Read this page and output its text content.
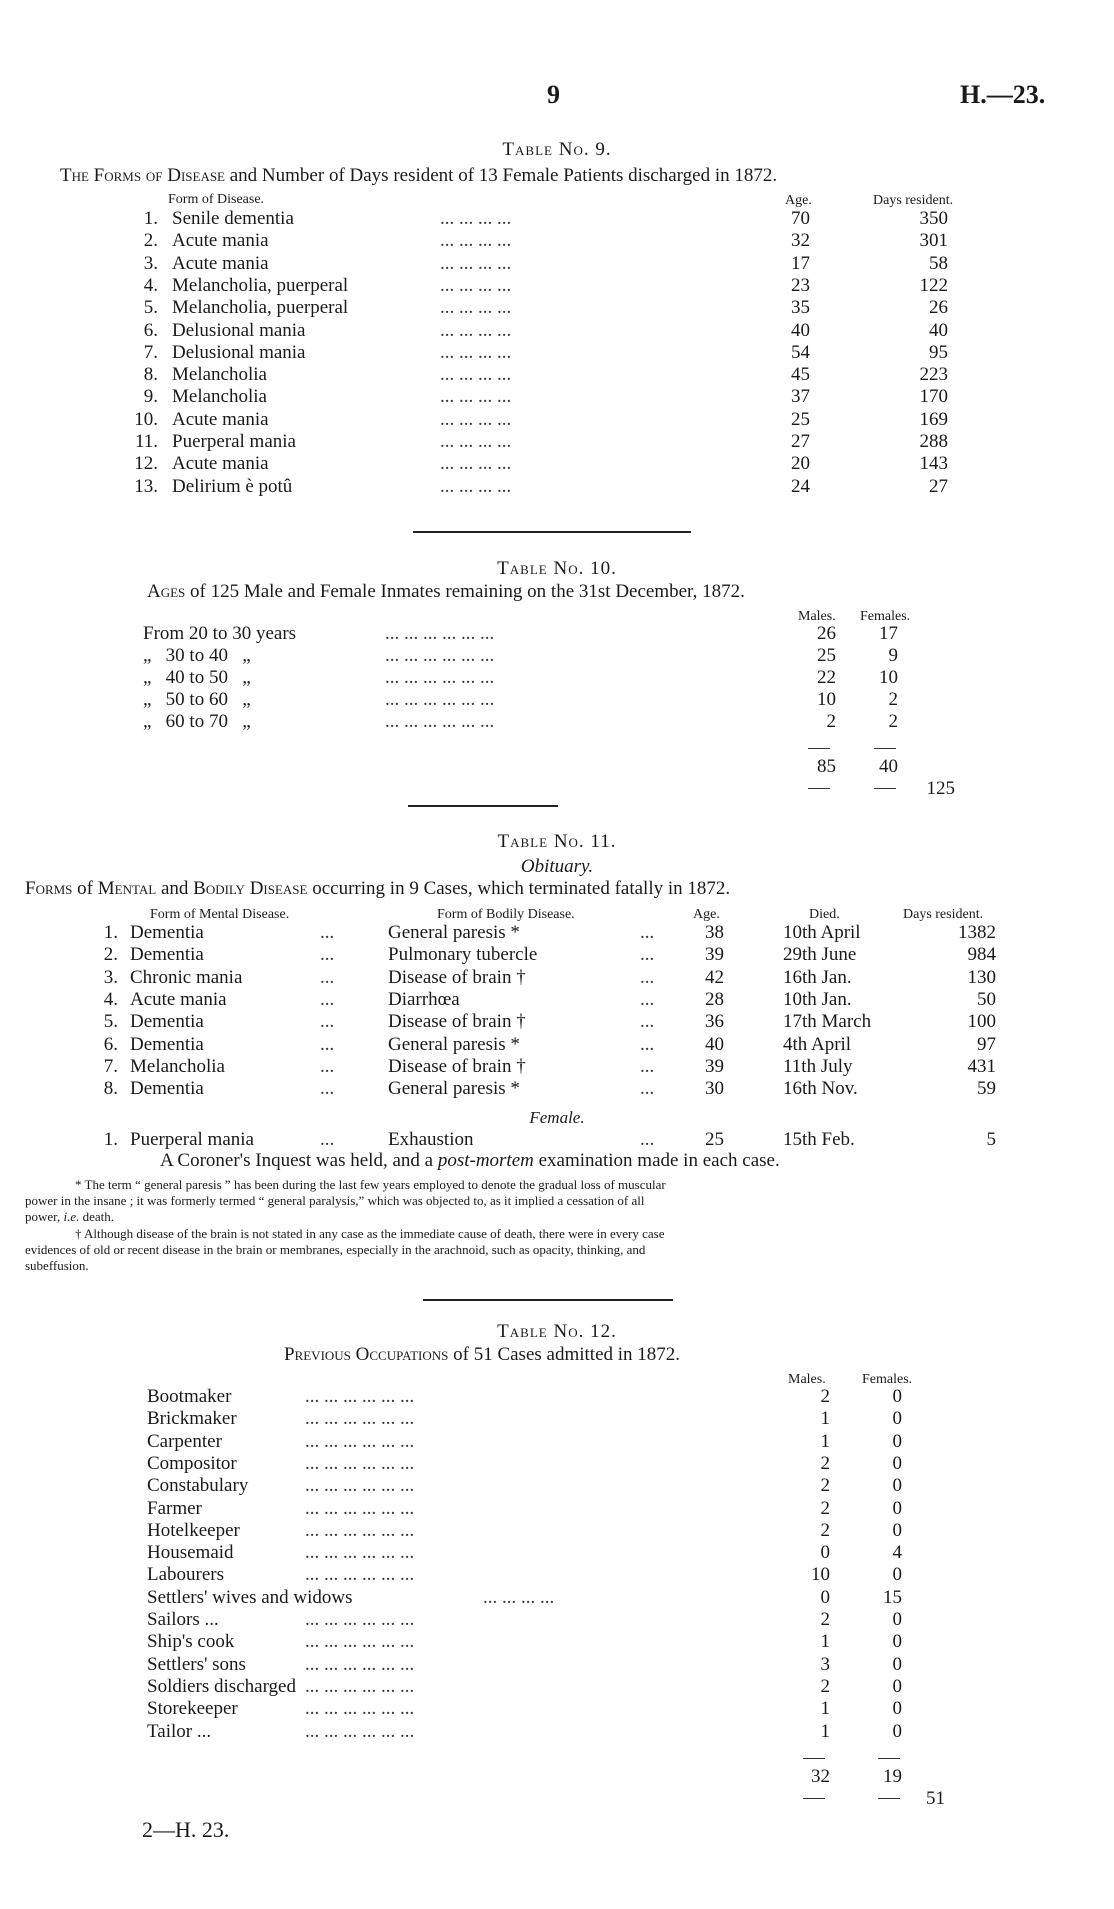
9	H.—23.
Table No. 9.
The Forms of Disease and Number of Days resident of 13 Female Patients discharged in 1872.
Form of Disease.	Age.	Days resident.
1. Senile dementia	... ... ... ...	70	350
2. Acute mania	... ... ... ...	32	301
3. Acute mania	... ... ... ...	17	58
4. Melancholia, puerperal	... ... ... ...	23	122
5. Melancholia, puerperal	... ... ... ...	35	26
6. Delusional mania	... ... ... ...	40	40
7. Delusional mania	... ... ... ...	54	95
8. Melancholia	... ... ... ...	45	223
9. Melancholia	... ... ... ...	37	170
10. Acute mania	... ... ... ...	25	169
11. Puerperal mania	... ... ... ...	27	288
12. Acute mania	... ... ... ...	20	143
13. Delirium è potû	... ... ... ...	24	27
Table No. 10.
Ages of 125 Male and Female Inmates remaining on the 31st December, 1872.
Males. Females.
From 20 to 30 years	... ... ... ... ... ...	26	17
„   30 to 40   „	... ... ... ... ... ...	25	9
„   40 to 50   „	... ... ... ... ... ...	22	10
„   50 to 60   „	... ... ... ... ... ...	10	2
„   60 to 70   „	... ... ... ... ... ...	2	2
85	40
125
Table No. 11.
Obituary.
Forms of Mental and Bodily Disease occurring in 9 Cases, which terminated fatally in 1872.
Form of Mental Disease.	Form of Bodily Disease.	Age.	Died.	Days resident.
1. Dementia	...	General paresis *	...	38	10th April	1382
2. Dementia	...	Pulmonary tubercle	...	39	29th June	984
3. Chronic mania	...	Disease of brain †	...	42	16th Jan.	130
4. Acute mania	...	Diarrhœa	...	28	10th Jan.	50
5. Dementia	...	Disease of brain †	...	36	17th March	100
6. Dementia	...	General paresis *	...	40	4th April	97
7. Melancholia	...	Disease of brain †	...	39	11th July	431
8. Dementia	...	General paresis *	...	30	16th Nov.	59
Female.
1. Puerperal mania	...	Exhaustion	...	25	15th Feb.	5
A Coroner's Inquest was held, and a post-mortem examination made in each case.
* The term “ general paresis ” has been during the last few years employed to denote the gradual loss of muscular
power in the insane ; it was formerly termed “ general paralysis,” which was objected to, as it implied a cessation of all
power, i.e. death.
† Although disease of the brain is not stated in any case as the immediate cause of death, there were in every case
evidences of old or recent disease in the brain or membranes, especially in the arachnoid, such as opacity, thinking, and
subeffusion.
Table No. 12.
Previous Occupations of 51 Cases admitted in 1872.
Males.	Females.
Bootmaker	... ... ... ... ... ...	2	0
Brickmaker	... ... ... ... ... ...	1	0
Carpenter	... ... ... ... ... ...	1	0
Compositor	... ... ... ... ... ...	2	0
Constabulary	... ... ... ... ... ...	2	0
Farmer	... ... ... ... ... ...	2	0
Hotelkeeper	... ... ... ... ... ...	2	0
Housemaid	... ... ... ... ... ...	0	4
Labourers	... ... ... ... ... ...	10	0
Settlers' wives and widows	... ... ... ...	0	15
Sailors ...	... ... ... ... ... ...	2	0
Ship's cook	... ... ... ... ... ...	1	0
Settlers' sons	... ... ... ... ... ...	3	0
Soldiers discharged ... ... ... ... ... ...	2	0
Storekeeper	... ... ... ... ... ...	1	0
Tailor ...	... ... ... ... ... ...	1	0
32	19
51
2—H. 23.
